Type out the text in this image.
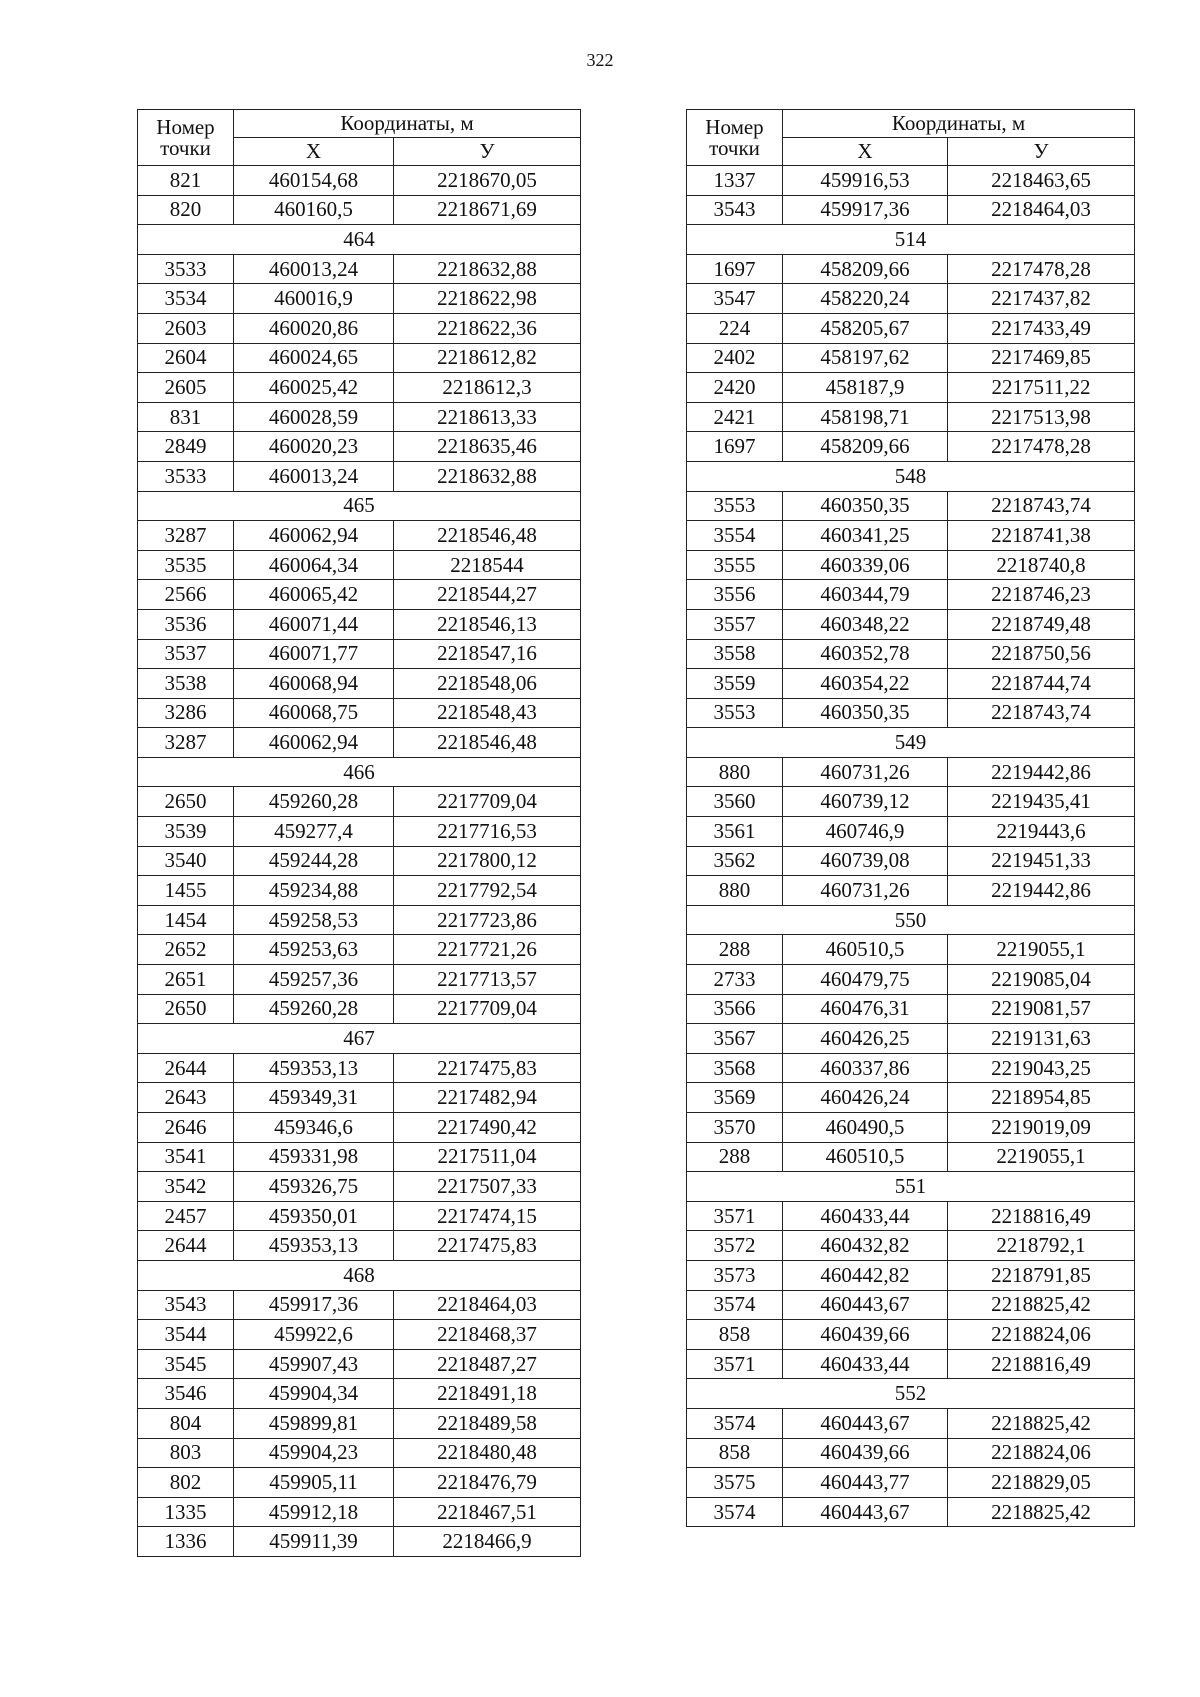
322
Номер
точки	Координаты, м	
	Х	У
821	460154,68	2218670,05
820	460160,5	2218671,69
464		
3533	460013,24	2218632,88
3534	460016,9	2218622,98
2603	460020,86	2218622,36
2604	460024,65	2218612,82
2605	460025,42	2218612,3
831	460028,59	2218613,33
2849	460020,23	2218635,46
3533	460013,24	2218632,88
465		
3287	460062,94	2218546,48
3535	460064,34	2218544
2566	460065,42	2218544,27
3536	460071,44	2218546,13
3537	460071,77	2218547,16
3538	460068,94	2218548,06
3286	460068,75	2218548,43
3287	460062,94	2218546,48
466		
2650	459260,28	2217709,04
3539	459277,4	2217716,53
3540	459244,28	2217800,12
1455	459234,88	2217792,54
1454	459258,53	2217723,86
2652	459253,63	2217721,26
2651	459257,36	2217713,57
2650	459260,28	2217709,04
467		
2644	459353,13	2217475,83
2643	459349,31	2217482,94
2646	459346,6	2217490,42
3541	459331,98	2217511,04
3542	459326,75	2217507,33
2457	459350,01	2217474,15
2644	459353,13	2217475,83
468		
3543	459917,36	2218464,03
3544	459922,6	2218468,37
3545	459907,43	2218487,27
3546	459904,34	2218491,18
804	459899,81	2218489,58
803	459904,23	2218480,48
802	459905,11	2218476,79
1335	459912,18	2218467,51
1336	459911,39	2218466,9
Номер
точки	Координаты, м	
	Х	У
1337	459916,53	2218463,65
3543	459917,36	2218464,03
514		
1697	458209,66	2217478,28
3547	458220,24	2217437,82
224	458205,67	2217433,49
2402	458197,62	2217469,85
2420	458187,9	2217511,22
2421	458198,71	2217513,98
1697	458209,66	2217478,28
548		
3553	460350,35	2218743,74
3554	460341,25	2218741,38
3555	460339,06	2218740,8
3556	460344,79	2218746,23
3557	460348,22	2218749,48
3558	460352,78	2218750,56
3559	460354,22	2218744,74
3553	460350,35	2218743,74
549		
880	460731,26	2219442,86
3560	460739,12	2219435,41
3561	460746,9	2219443,6
3562	460739,08	2219451,33
880	460731,26	2219442,86
550		
288	460510,5	2219055,1
2733	460479,75	2219085,04
3566	460476,31	2219081,57
3567	460426,25	2219131,63
3568	460337,86	2219043,25
3569	460426,24	2218954,85
3570	460490,5	2219019,09
288	460510,5	2219055,1
551		
3571	460433,44	2218816,49
3572	460432,82	2218792,1
3573	460442,82	2218791,85
3574	460443,67	2218825,42
858	460439,66	2218824,06
3571	460433,44	2218816,49
552		
3574	460443,67	2218825,42
858	460439,66	2218824,06
3575	460443,77	2218829,05
3574	460443,67	2218825,42
